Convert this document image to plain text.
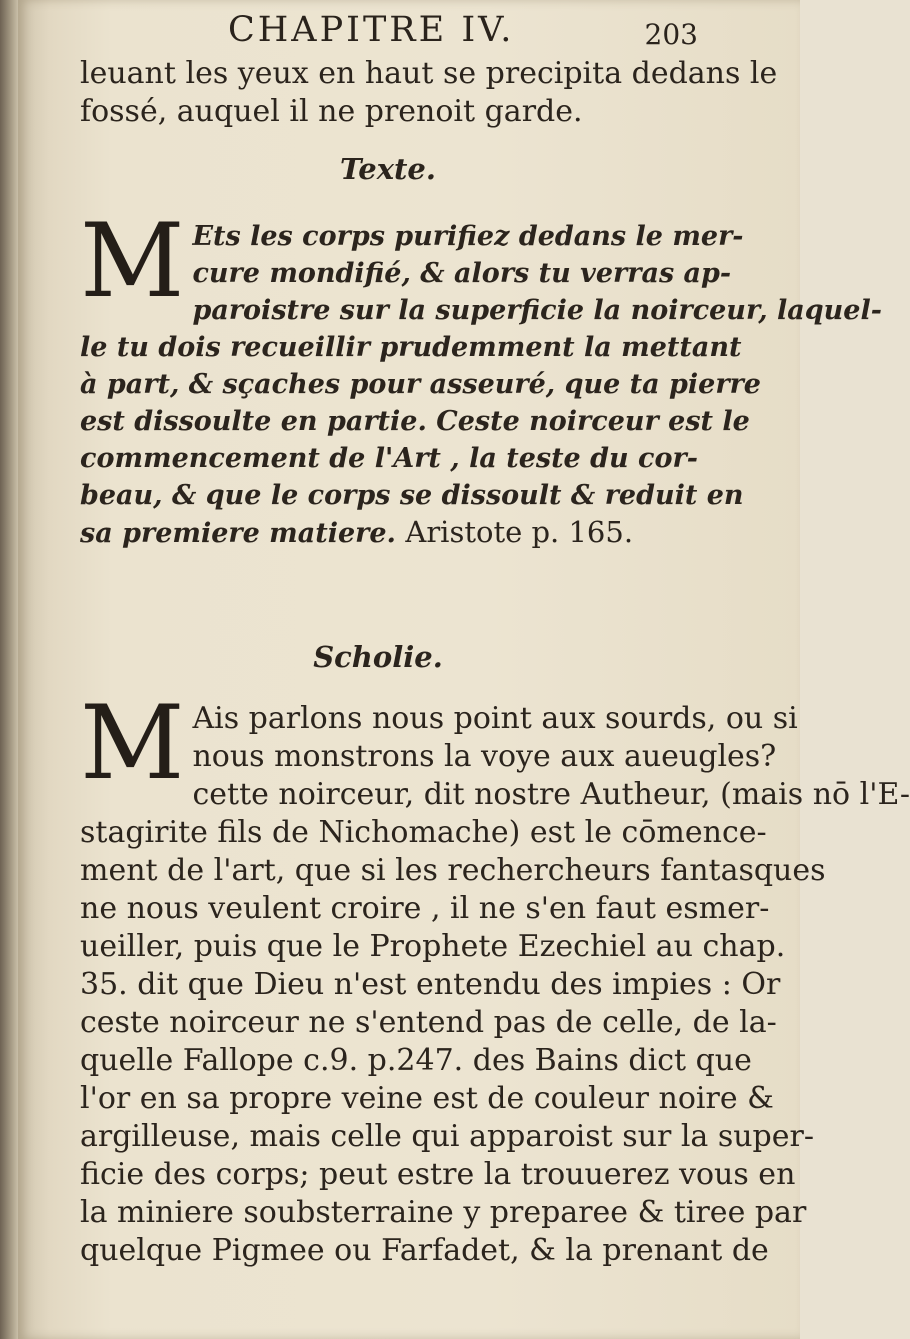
CHAPITRE IV.	203

leuant les yeux en haut se precipita dedans le

fossé, auquel il ne prenoit garde.

Texte.
M Ets les corps purifiez dedans le mer-

cure mondifié, & alors tu verras ap-

paroistre sur la superficie la noirceur, laquel-

le tu dois recueillir prudemment la mettant

à part, & sçaches pour asseuré, que ta pierre

est dissoulte en partie. Ceste noirceur est le

commencement de l'Art , la teste du cor-

beau, & que le corps se dissoult & reduit en

sa premiere matiere. Aristote p. 165.

Scholie.
M Ais parlons nous point aux sourds, ou si

nous monstrons la voye aux aueugles?

cette noirceur, dit nostre Autheur, (mais nō l'E-

stagirite fils de Nichomache) est le cōmence-

ment de l'art, que si les rechercheurs fantasques

ne nous veulent croire , il ne s'en faut esmer-

ueiller, puis que le Prophete Ezechiel au chap.

35. dit que Dieu n'est entendu des impies : Or

ceste noirceur ne s'entend pas de celle, de la-

quelle Fallope c.9. p.247. des Bains dict que

l'or en sa propre veine est de couleur noire &

argilleuse, mais celle qui apparoist sur la super-

ficie des corps; peut estre la trouuerez vous en

la miniere soubsterraine y preparee & tiree par

quelque Pigmee ou Farfadet, & la prenant de
